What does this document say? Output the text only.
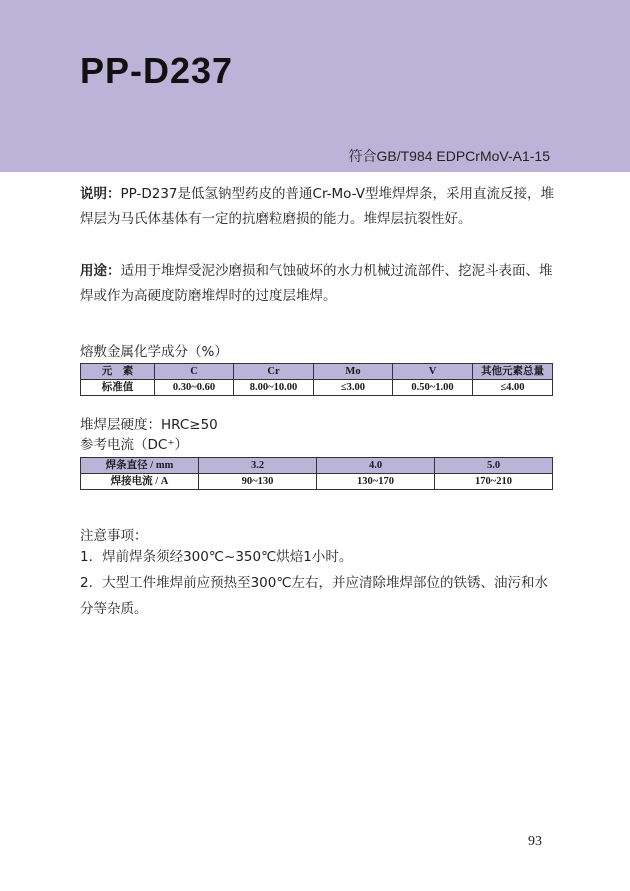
PP-D237
符合GB/T984 EDPCrMoV-A1-15

说明：PP-D237是低氢钠型药皮的普通Cr-Mo-V型堆焊焊条，采用直流反接，堆焊层为马氏体基体有一定的抗磨粒磨损的能力。堆焊层抗裂性好。

用途：适用于堆焊受泥沙磨损和气蚀破坏的水力机械过流部件、挖泥斗表面、堆焊或作为高硬度防磨堆焊时的过度层堆焊。

熔敷金属化学成分（%）
元　素	C	Cr	Mo	V	其他元素总量
标准值	0.30~0.60	8.00~10.00	≤3.00	0.50~1.00	≤4.00
堆焊层硬度：HRC≥50
参考电流（DC⁺）
焊条直径 / mm	3.2	4.0	5.0
焊接电流 / A	90~130	130~170	170~210
注意事项：
1．焊前焊条须经300℃~350℃烘焙1小时。
2．大型工件堆焊前应预热至300℃左右，并应清除堆焊部位的铁锈、油污和水分等杂质。
93
